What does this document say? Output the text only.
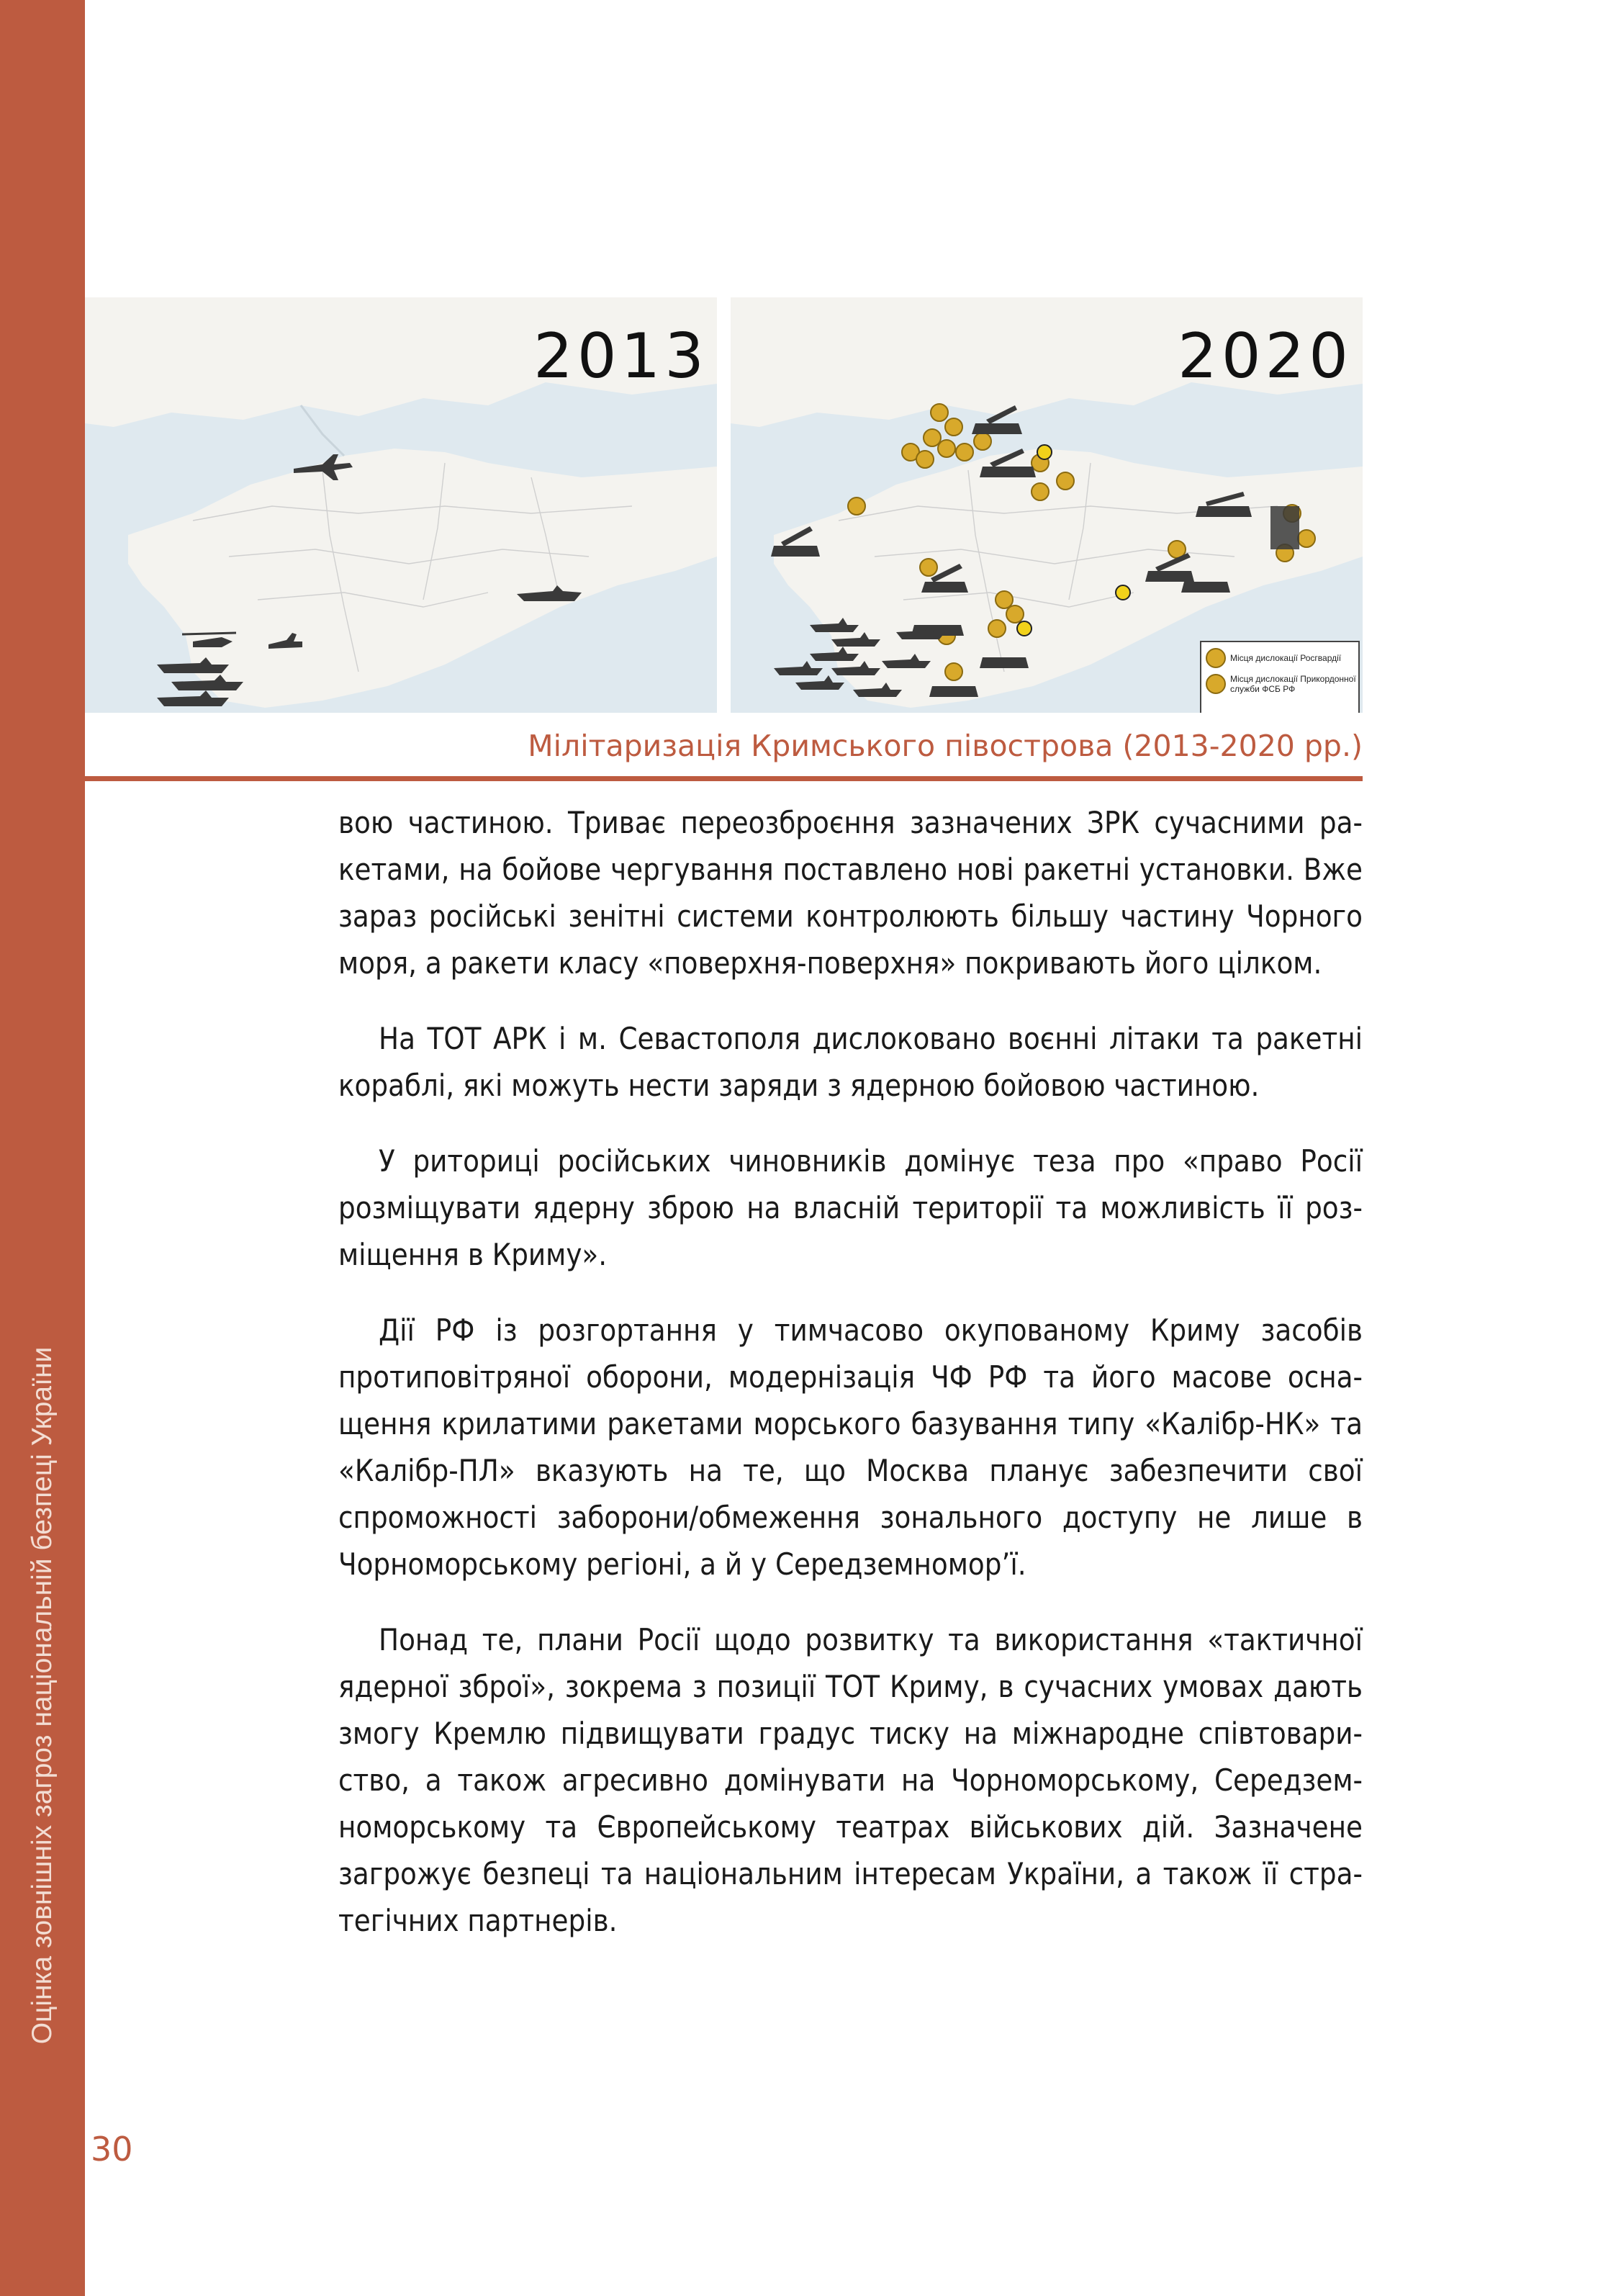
Оцінка зовнішніх загроз національній безпеці України
30
2013	2020
Місця дислокації Росгвардії
Місця дислокації Прикордонної служби ФСБ РФ
Мілітаризація Кримського півострова (2013-2020 рр.)

вою частиною. Триває переозброєння зазначених ЗРК сучасними ракетами, на бойове чергування поставлено нові ракетні установки. Вже зараз російські зенітні системи контролюють більшу частину Чорного моря, а ракети класу «поверхня-поверхня» покривають його цілком.

На ТОТ АРК і м. Севастополя дислоковано воєнні літаки та ракетні кораблі, які можуть нести заряди з ядерною бойовою частиною.

У риториці російських чиновників домінує теза про «право Росії розміщувати ядерну зброю на власній території та можливість її розміщення в Криму».

Дії РФ із розгортання у тимчасово окупованому Криму засобів протиповітряної оборони, модернізація ЧФ РФ та його масове оснащення крилатими ракетами морського базування типу «Калібр-НК» та «Калібр-ПЛ» вказують на те, що Москва планує забезпечити свої спроможності заборони/обмеження зонального доступу не лише в Чорноморському регіоні, а й у Середземномор’ї.

Понад те, плани Росії щодо розвитку та використання «тактичної ядерної зброї», зокрема з позиції ТОТ Криму, в сучасних умовах дають змогу Кремлю підвищувати градус тиску на міжнародне співтовариство, а також агресивно домінувати на Чорноморському, Середземноморському та Європейському театрах військових дій. Зазначене загрожує безпеці та національним інтересам України, а також її стратегічних партнерів.
